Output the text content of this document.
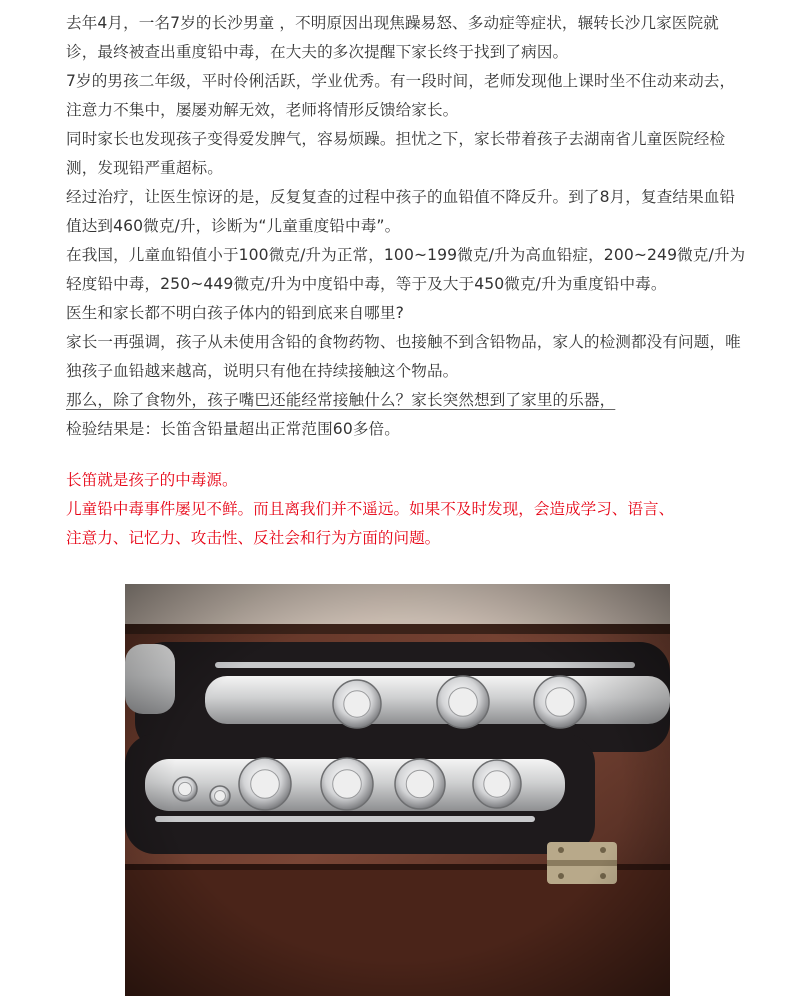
去年4月，一名7岁的长沙男童 ，不明原因出现焦躁易怒、多动症等症状，辗转长沙几家医院就诊，最终被查出重度铅中毒，在大夫的多次提醒下家长终于找到了病因。

7岁的男孩二年级，平时伶俐活跃，学业优秀。有一段时间，老师发现他上课时坐不住动来动去，注意力不集中，屡屡劝解无效，老师将情形反馈给家长。

同时家长也发现孩子变得爱发脾气，容易烦躁。担忧之下，家长带着孩子去湖南省儿童医院经检测，发现铅严重超标。

经过治疗，让医生惊讶的是，反复复查的过程中孩子的血铅值不降反升。到了8月，复查结果血铅值达到460微克/升，诊断为“儿童重度铅中毒”。

在我国，儿童血铅值小于100微克/升为正常，100~199微克/升为高血铅症，200~249微克/升为轻度铅中毒，250~449微克/升为中度铅中毒，等于及大于450微克/升为重度铅中毒。

医生和家长都不明白孩子体内的铅到底来自哪里?

家长一再强调，孩子从未使用含铅的食物药物、也接触不到含铅物品，家人的检测都没有问题，唯独孩子血铅越来越高，说明只有他在持续接触这个物品。

那么，除了食物外，孩子嘴巴还能经常接触什么？家长突然想到了家里的乐器，

检验结果是：长笛含铅量超出正常范围60多倍。

长笛就是孩子的中毒源。

儿童铅中毒事件屡见不鲜。而且离我们并不遥远。如果不及时发现，会造成学习、语言、

注意力、记忆力、攻击性、反社会和行为方面的问题。
